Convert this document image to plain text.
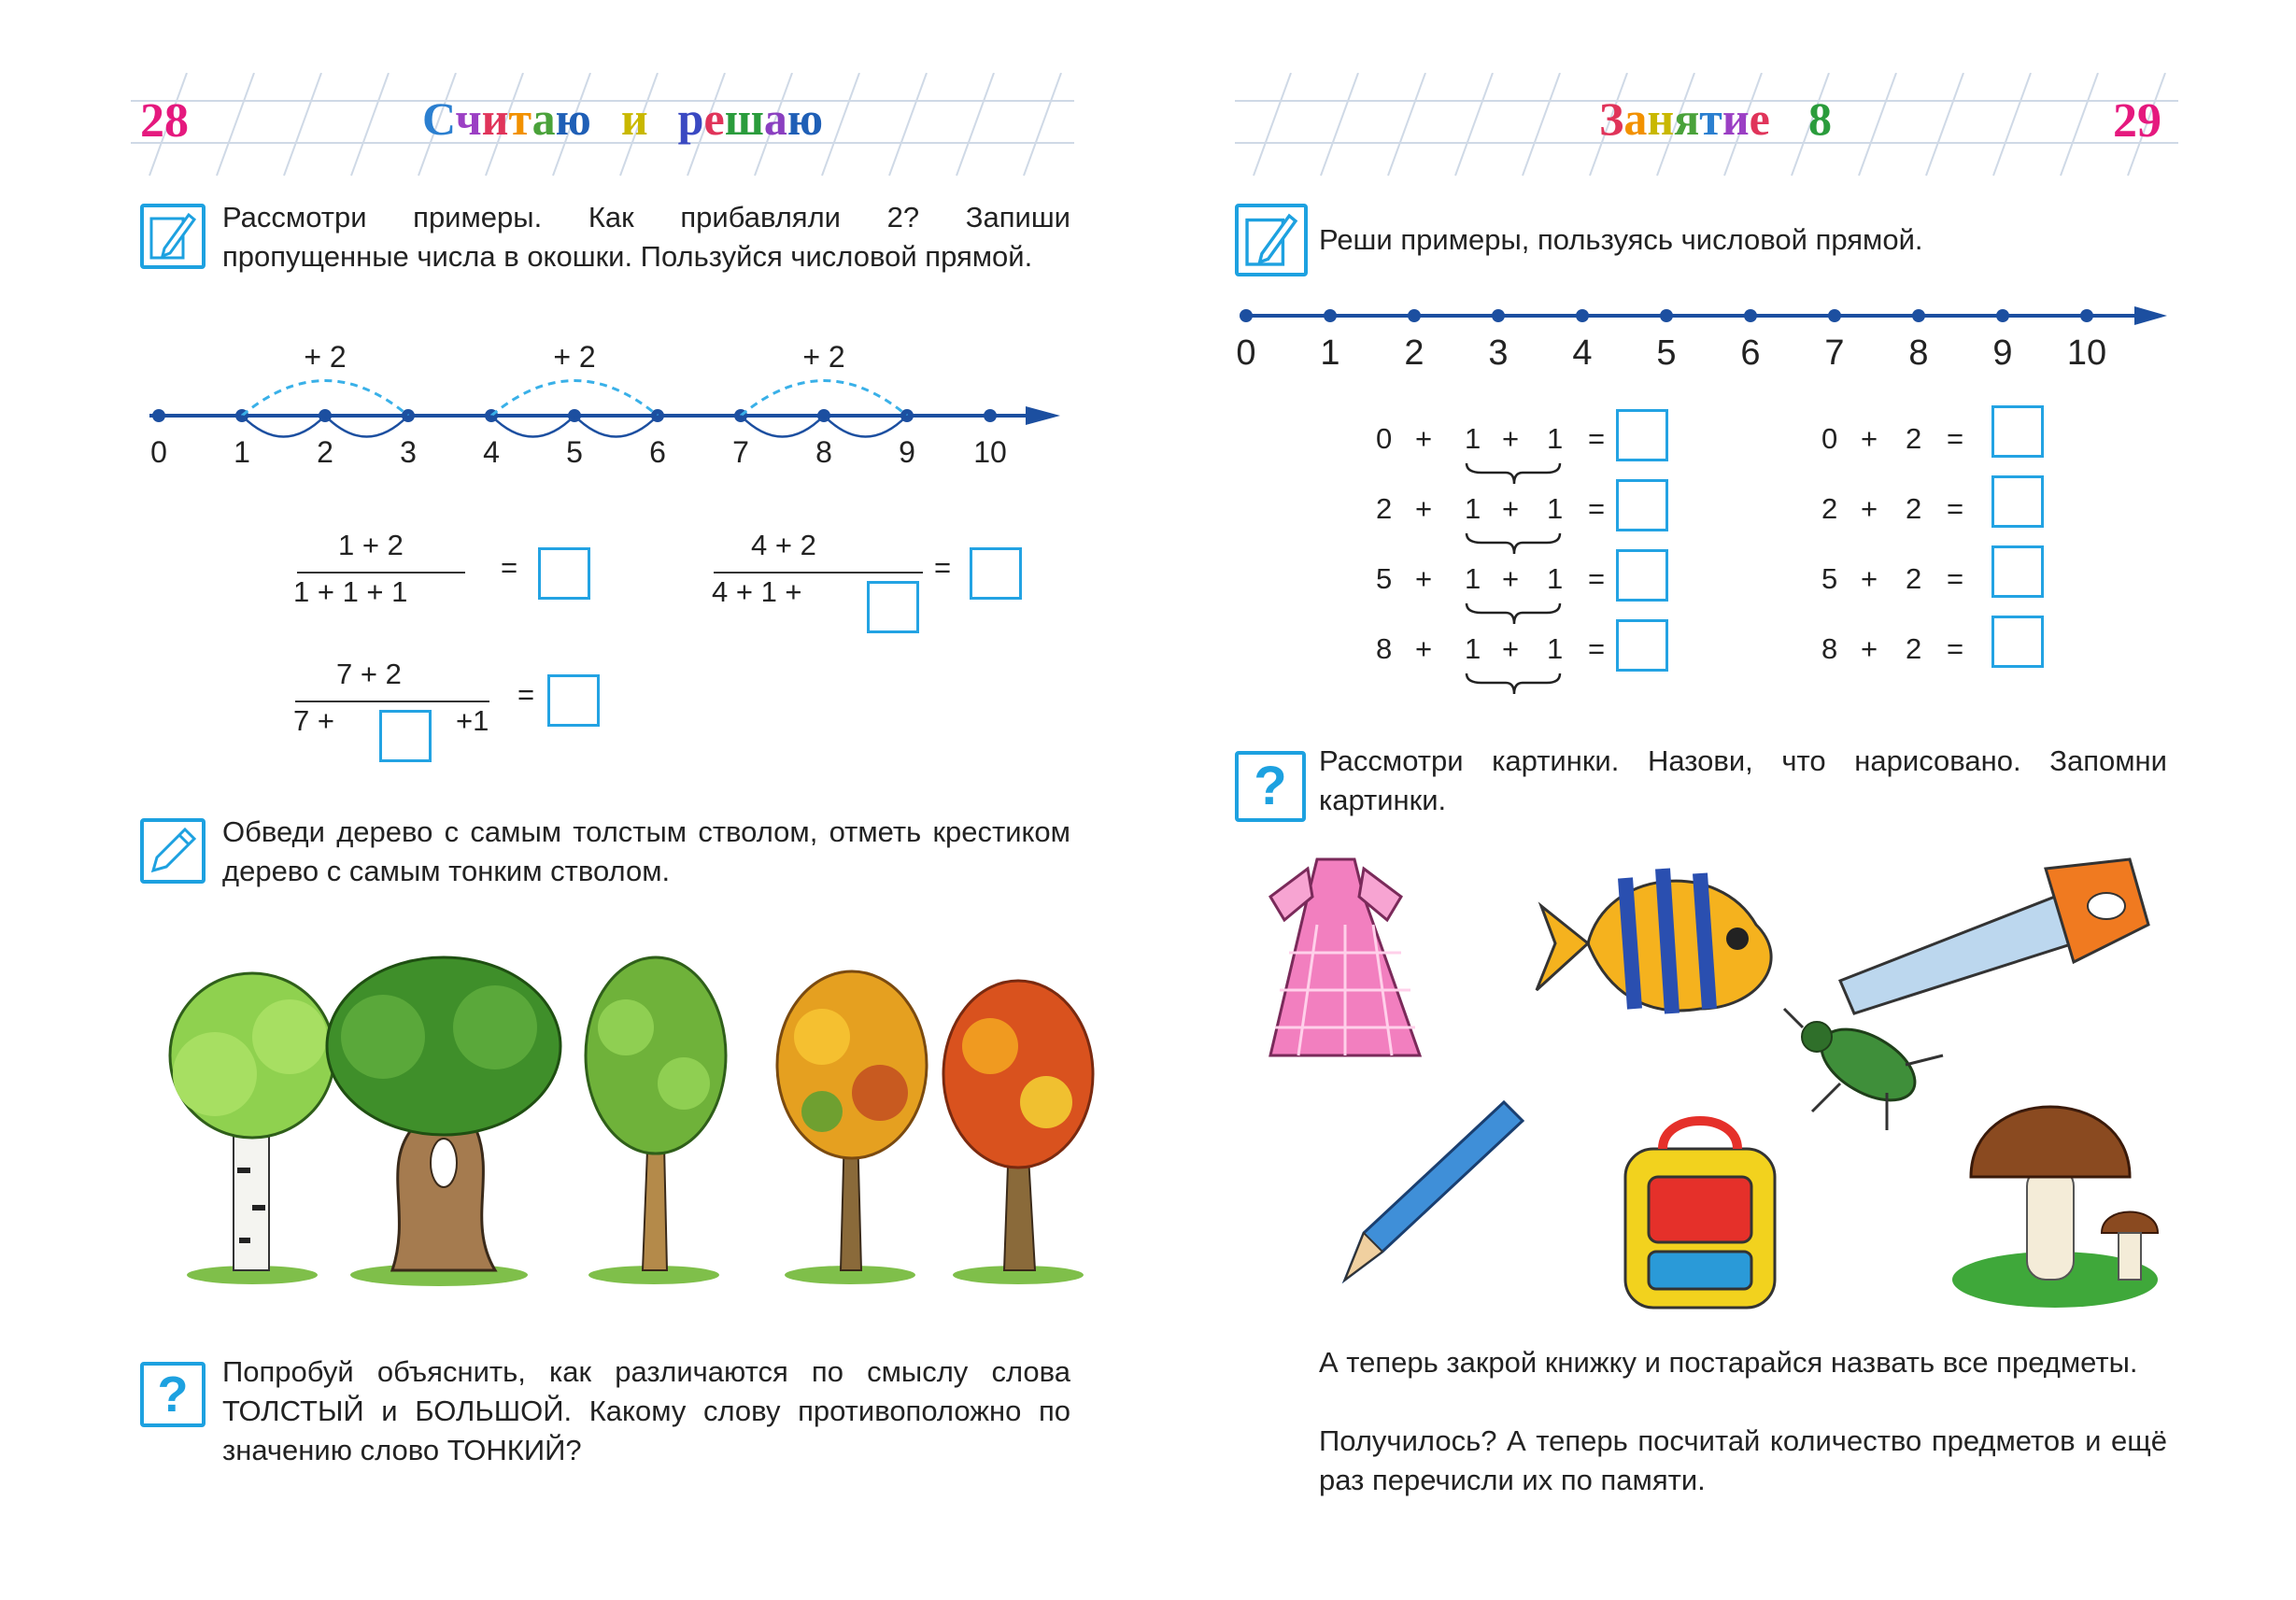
28	Считаю и решаю
Рассмотри примеры. Как прибавляли 2? Запиши пропущенные числа в окошки. Пользуйся числовой прямой.
0 1 2 3 4 5 6 7 8 9 10
+ 2	+ 2	+ 2
1 + 2
1 + 1 + 1
=
4 + 2
4 + 1 +
=
7 + 2
7 +	+1
=
Обведи дерево с самым толстым стволом, отметь крестиком дерево с самым тонким стволом.
?	Попробуй объяснить, как различаются по смыслу слова ТОЛСТЫЙ и БОЛЬШОЙ. Какому слову противоположно по значению слово ТОНКИЙ?
Занятие 8	29
Реши примеры, пользуясь числовой прямой.
0 1 2 3 4 5 6 7 8 9 10
0 + 1 + 1 =
2 + 1 + 1 =
5 + 1 + 1 =
8 + 1 + 1 =
0 + 2 =
2 + 2 =
5 + 2 =
8 + 2 =
?	Рассмотри картинки. Назови, что нарисовано. Запомни картинки.
А теперь закрой книжку и постарайся назвать все предметы.
Получилось? А теперь посчитай количество предметов и ещё раз перечисли их по памяти.
